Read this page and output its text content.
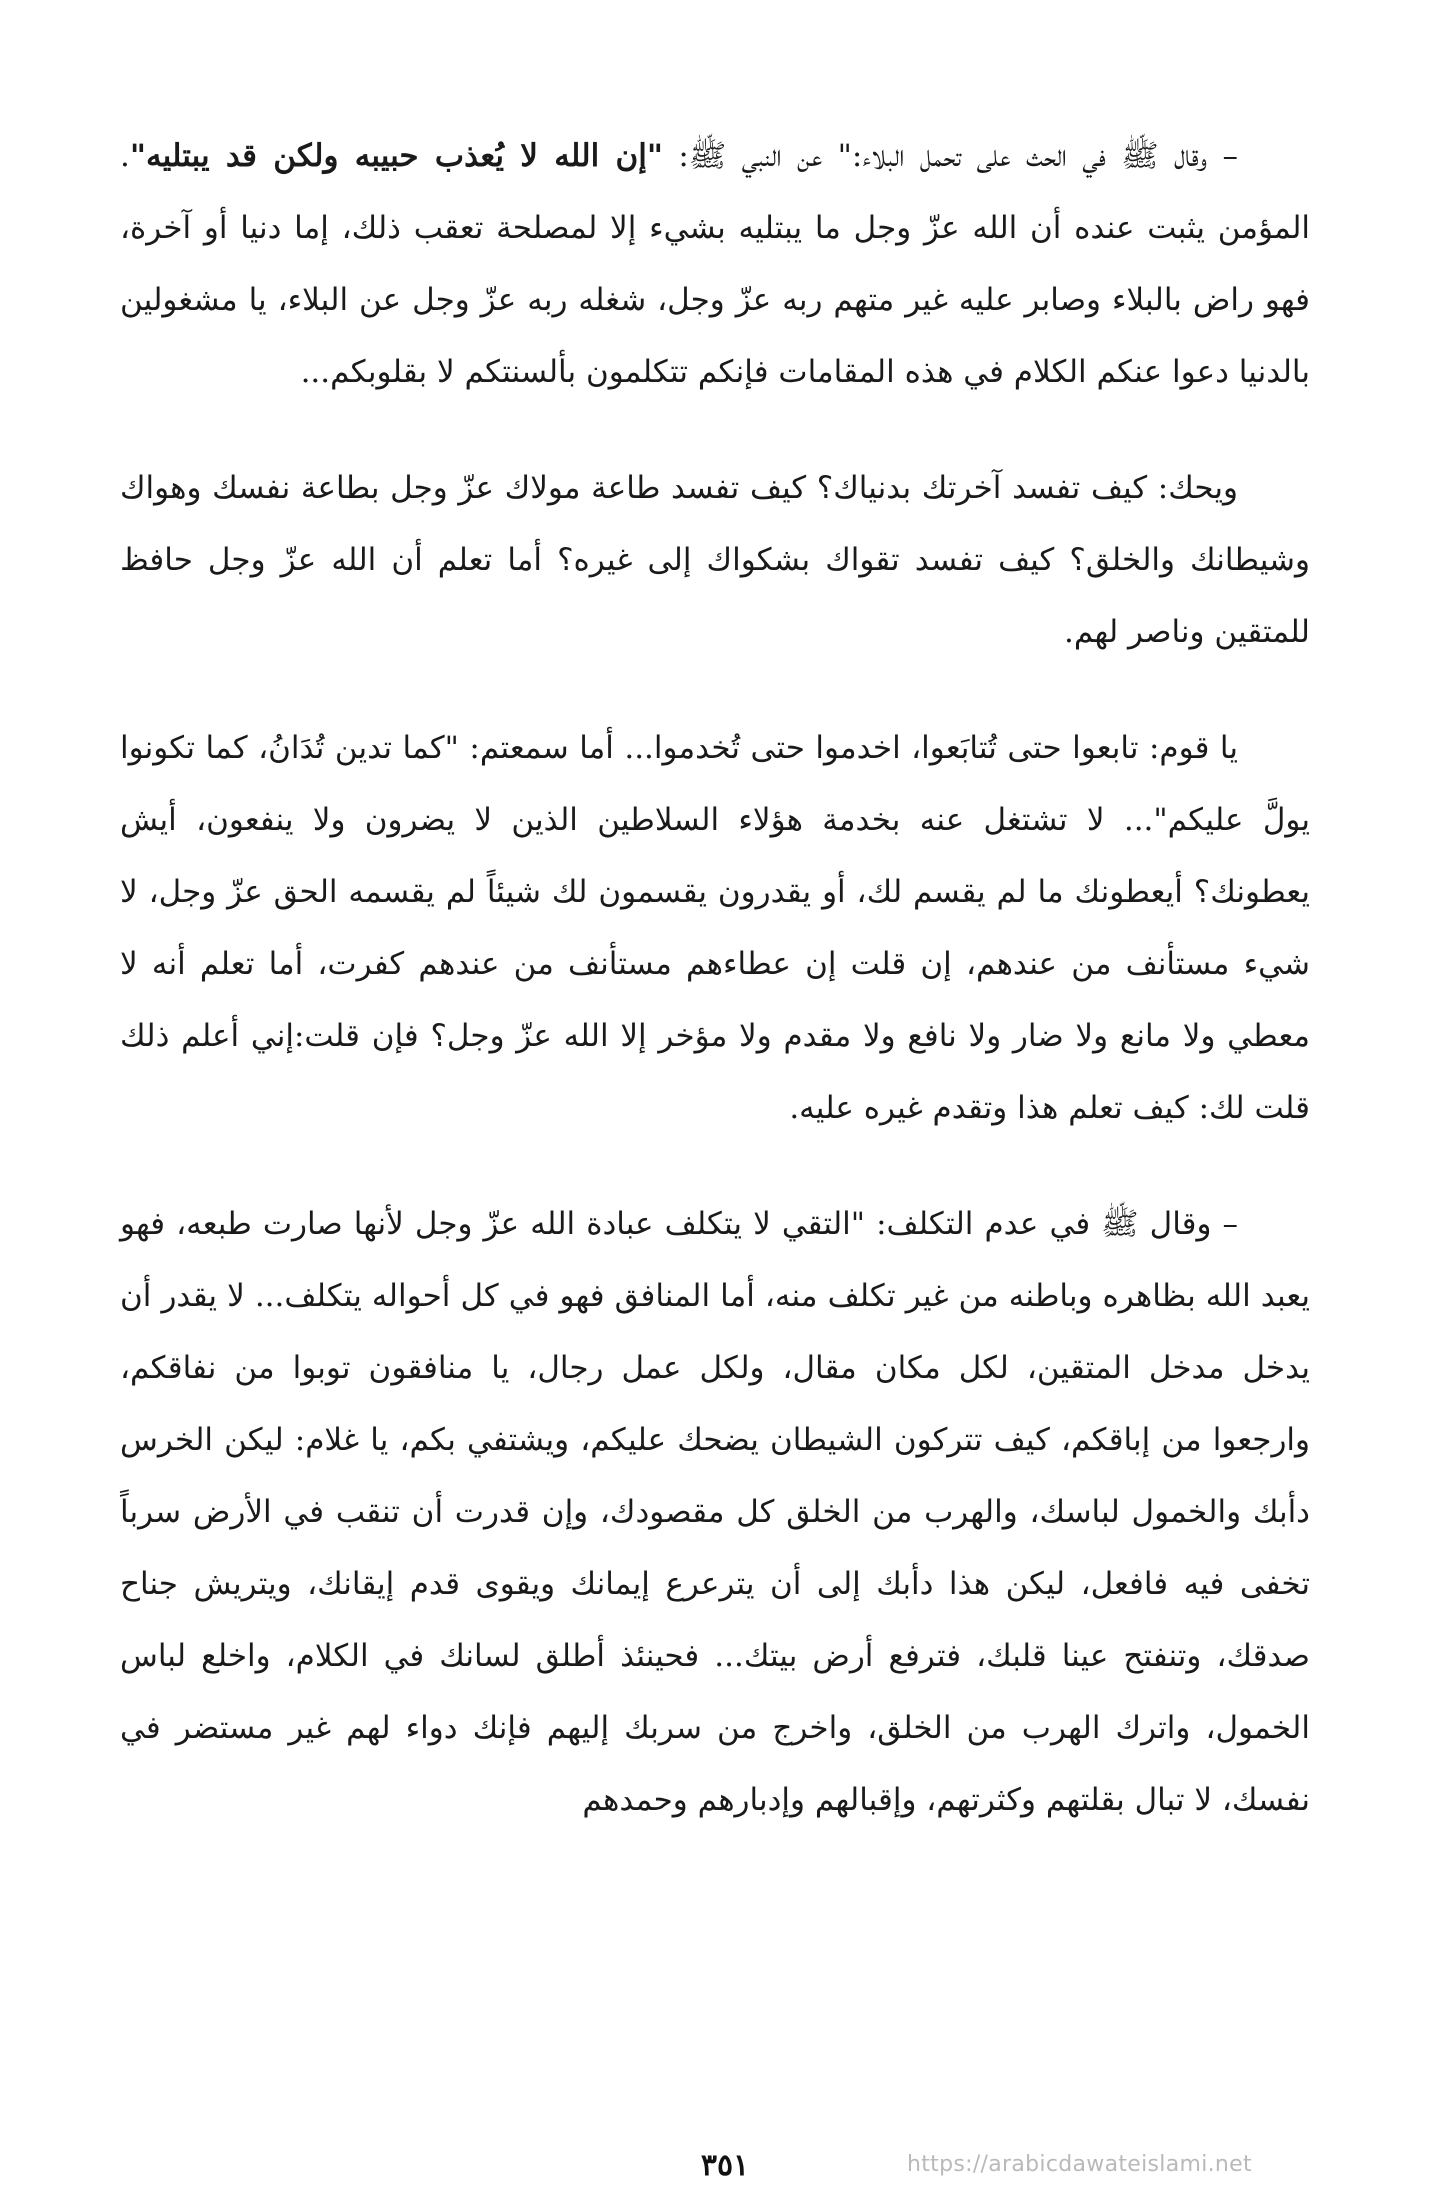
– وقال ﷺ في الحث على تحمل البلاء:" عن النبي ﷺ: "إن الله لا يُعذب حبيبه ولكن قد يبتليه". المؤمن يثبت عنده أن الله عزّ وجل ما يبتليه بشيء إلا لمصلحة تعقب ذلك، إما دنيا أو آخرة، فهو راض بالبلاء وصابر عليه غير متهم ربه عزّ وجل، شغله ربه عزّ وجل عن البلاء، يا مشغولين بالدنيا دعوا عنكم الكلام في هذه المقامات فإنكم تتكلمون بألسنتكم لا بقلوبكم...

ويحك: كيف تفسد آخرتك بدنياك؟ كيف تفسد طاعة مولاك عزّ وجل بطاعة نفسك وهواك وشيطانك والخلق؟ كيف تفسد تقواك بشكواك إلى غيره؟ أما تعلم أن الله عزّ وجل حافظ للمتقين وناصر لهم.

يا قوم: تابعوا حتى تُتابَعوا، اخدموا حتى تُخدموا... أما سمعتم: "كما تدين تُدَانُ، كما تكونوا يولَّ عليكم"... لا تشتغل عنه بخدمة هؤلاء السلاطين الذين لا يضرون ولا ينفعون، أيش يعطونك؟ أيعطونك ما لم يقسم لك، أو يقدرون يقسمون لك شيئاً لم يقسمه الحق عزّ وجل، لا شيء مستأنف من عندهم، إن قلت إن عطاءهم مستأنف من عندهم كفرت، أما تعلم أنه لا معطي ولا مانع ولا ضار ولا نافع ولا مقدم ولا مؤخر إلا الله عزّ وجل؟ فإن قلت:إني أعلم ذلك قلت لك: كيف تعلم هذا وتقدم غيره عليه.

– وقال ﷺ في عدم التكلف: "التقي لا يتكلف عبادة الله عزّ وجل لأنها صارت طبعه، فهو يعبد الله بظاهره وباطنه من غير تكلف منه، أما المنافق فهو في كل أحواله يتكلف... لا يقدر أن يدخل مدخل المتقين، لكل مكان مقال، ولكل عمل رجال، يا منافقون توبوا من نفاقكم، وارجعوا من إباقكم، كيف تتركون الشيطان يضحك عليكم، ويشتفي بكم، يا غلام: ليكن الخرس دأبك والخمول لباسك، والهرب من الخلق كل مقصودك، وإن قدرت أن تنقب في الأرض سرباً تخفى فيه فافعل، ليكن هذا دأبك إلى أن يترعرع إيمانك ويقوى قدم إيقانك، ويتريش جناح صدقك، وتنفتح عينا قلبك، فترفع أرض بيتك... فحينئذ أطلق لسانك في الكلام، واخلع لباس الخمول، واترك الهرب من الخلق، واخرج من سربك إليهم فإنك دواء لهم غير مستضر في نفسك، لا تبال بقلتهم وكثرتهم، وإقبالهم وإدبارهم وحمدهم

٣٥١	https://arabicdawateislami.net
